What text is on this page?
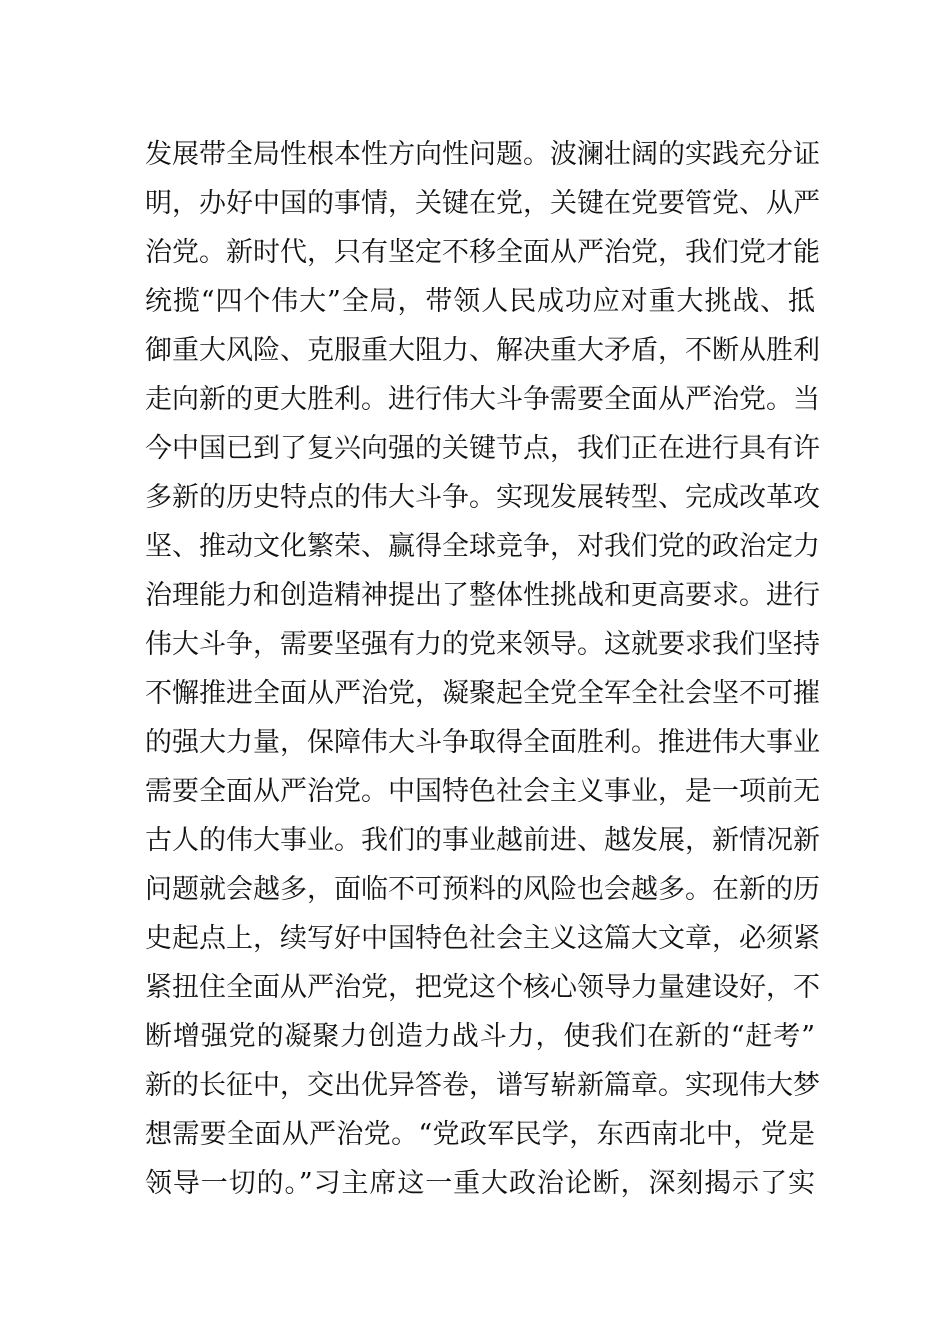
发展带全局性根本性方向性问题。波澜壮阔的实践充分证
明，办好中国的事情，关键在党，关键在党要管党、从严
治党。新时代，只有坚定不移全面从严治党，我们党才能
统揽“四个伟大”全局，带领人民成功应对重大挑战、抵
御重大风险、克服重大阻力、解决重大矛盾，不断从胜利
走向新的更大胜利。进行伟大斗争需要全面从严治党。当
今中国已到了复兴向强的关键节点，我们正在进行具有许
多新的历史特点的伟大斗争。实现发展转型、完成改革攻
坚、推动文化繁荣、赢得全球竞争，对我们党的政治定力
治理能力和创造精神提出了整体性挑战和更高要求。进行
伟大斗争，需要坚强有力的党来领导。这就要求我们坚持
不懈推进全面从严治党，凝聚起全党全军全社会坚不可摧
的强大力量，保障伟大斗争取得全面胜利。推进伟大事业
需要全面从严治党。中国特色社会主义事业，是一项前无
古人的伟大事业。我们的事业越前进、越发展，新情况新
问题就会越多，面临不可预料的风险也会越多。在新的历
史起点上，续写好中国特色社会主义这篇大文章，必须紧
紧扭住全面从严治党，把党这个核心领导力量建设好，不
断增强党的凝聚力创造力战斗力，使我们在新的“赶考”
新的长征中，交出优异答卷，谱写崭新篇章。实现伟大梦
想需要全面从严治党。“党政军民学，东西南北中，党是
领导一切的。”习主席这一重大政治论断，深刻揭示了实
